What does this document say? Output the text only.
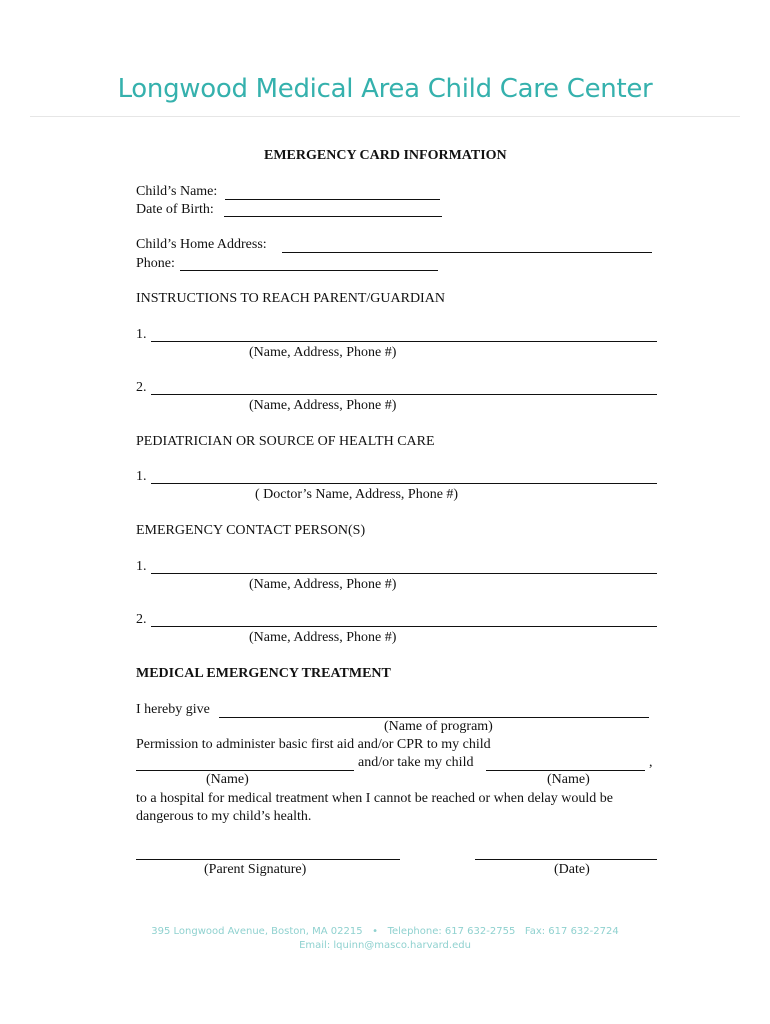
Longwood Medical Area Child Care Center
EMERGENCY CARD INFORMATION
Child’s Name:
Date of Birth:
Child’s Home Address:
Phone:
INSTRUCTIONS TO REACH PARENT/GUARDIAN
1.
(Name, Address, Phone #)
2.
(Name, Address, Phone #)
PEDIATRICIAN OR SOURCE OF HEALTH CARE
1.
( Doctor’s Name, Address, Phone #)
EMERGENCY CONTACT PERSON(S)
1.
(Name, Address, Phone #)
2.
(Name, Address, Phone #)
MEDICAL EMERGENCY TREATMENT
I hereby give
(Name of program)
Permission to administer basic first aid and/or CPR to my child
and/or take my child	,
(Name)	(Name)
to a hospital for medical treatment when I cannot be reached or when delay would be
dangerous to my child’s health.
(Parent Signature)	(Date)
395 Longwood Avenue, Boston, MA 02215 • Telephone: 617 632-2755 Fax: 617 632-2724
Email: lquinn@masco.harvard.edu
